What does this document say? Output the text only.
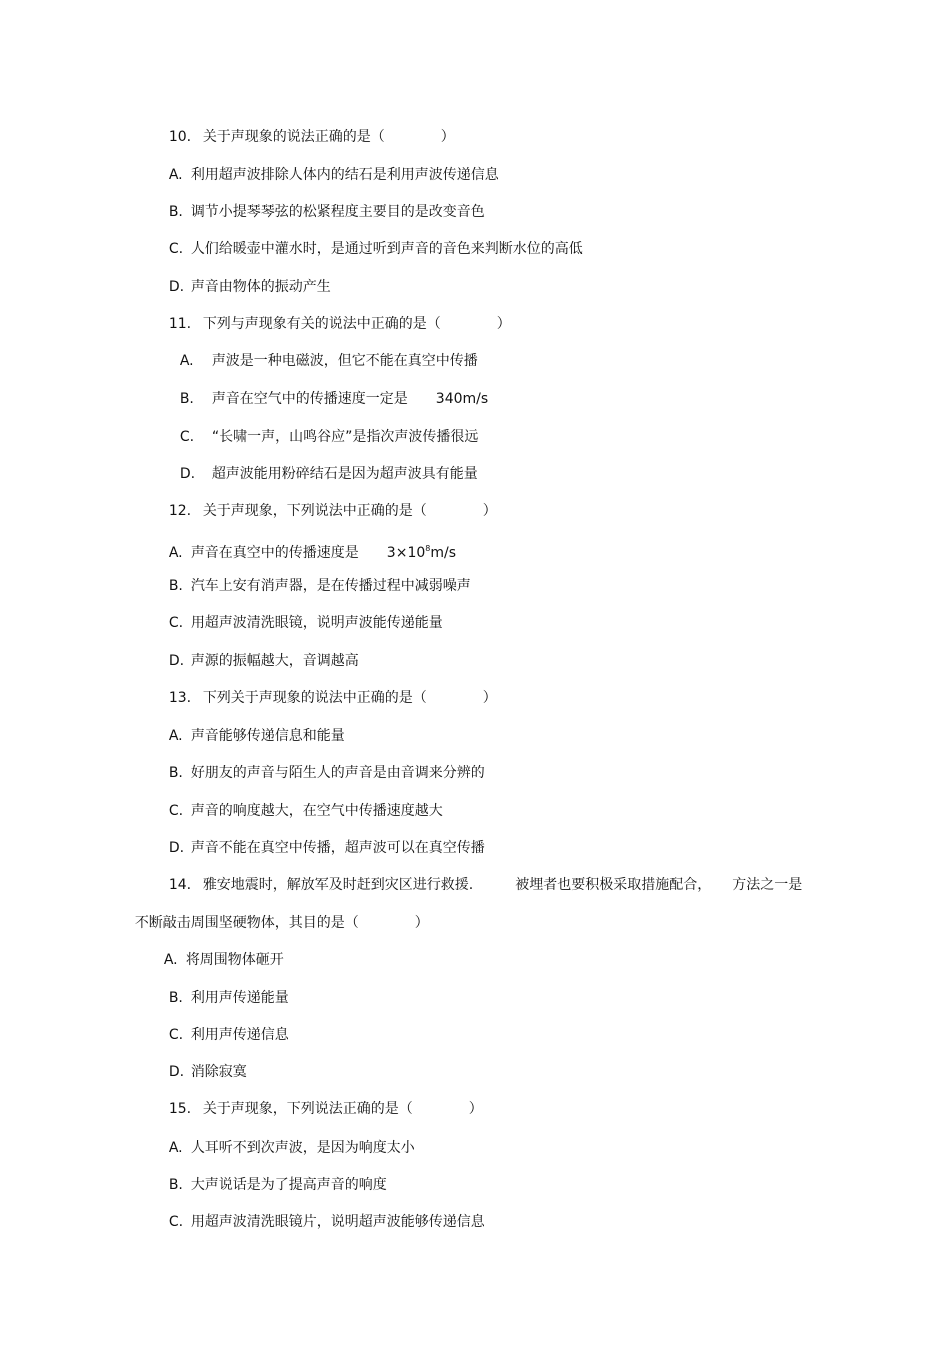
10. 关于声现象的说法正确的是（　　　　）

A. 利用超声波排除人体内的结石是利用声波传递信息

B. 调节小提琴琴弦的松紧程度主要目的是改变音色

C. 人们给暖壶中灌水时，是通过听到声音的音色来判断水位的高低

D. 声音由物体的振动产生

11. 下列与声现象有关的说法中正确的是（　　　　）

A. 声波是一种电磁波，但它不能在真空中传播

B. 声音在空气中的传播速度一定是　　340m/s

C. “长啸一声，山鸣谷应”是指次声波传播很远

D. 超声波能用粉碎结石是因为超声波具有能量

12. 关于声现象，下列说法中正确的是（　　　　）

A. 声音在真空中的传播速度是　　$3\times 10^8m/s$

B. 汽车上安有消声器，是在传播过程中减弱噪声

C. 用超声波清洗眼镜，说明声波能传递能量

D. 声源的振幅越大，音调越高

13. 下列关于声现象的说法中正确的是（　　　　）

A. 声音能够传递信息和能量

B. 好朋友的声音与陌生人的声音是由音调来分辨的

C. 声音的响度越大，在空气中传播速度越大

D. 声音不能在真空中传播，超声波可以在真空传播

14. 雅安地震时，解放军及时赶到灾区进行救援.　　　被埋者也要积极采取措施配合，　　方法之一是

不断敲击周围坚硬物体，其目的是（　　　　）

A. 将周围物体砸开

B. 利用声传递能量

C. 利用声传递信息

D. 消除寂寞

15. 关于声现象，下列说法正确的是（　　　　）

A. 人耳听不到次声波，是因为响度太小

B. 大声说话是为了提高声音的响度

C. 用超声波清洗眼镜片，说明超声波能够传递信息
